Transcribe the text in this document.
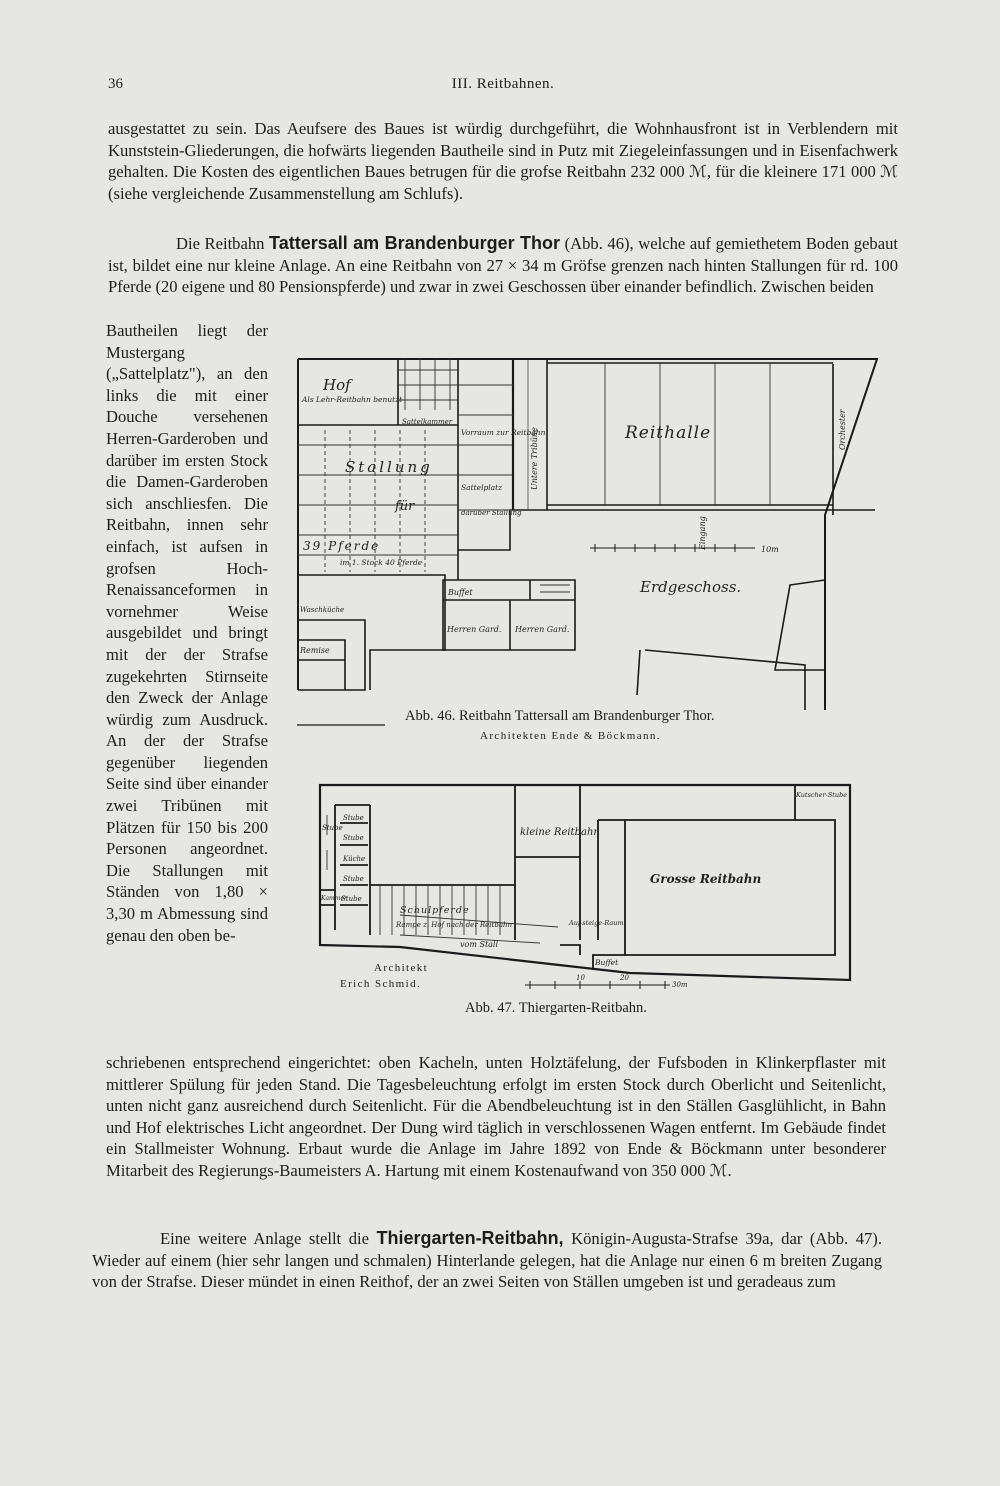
36	III. Reitbahnen.

ausgestattet zu sein. Das Aeufsere des Baues ist würdig durchgeführt, die Wohnhausfront ist in Verblendern mit Kunststein-Gliederungen, die hofwärts liegenden Bautheile sind in Putz mit Ziegeleinfassungen und in Eisenfachwerk gehalten. Die Kosten des eigentlichen Baues betrugen für die grofse Reitbahn 232 000 ℳ, für die kleinere 171 000 ℳ (siehe vergleichende Zusammenstellung am Schlufs).

Die Reitbahn Tattersall am Brandenburger Thor (Abb. 46), welche auf gemiethetem Boden gebaut ist, bildet eine nur kleine Anlage. An eine Reitbahn von 27 × 34 m Gröfse grenzen nach hinten Stallungen für rd. 100 Pferde (20 eigene und 80 Pensionspferde) und zwar in zwei Geschossen über einander befindlich. Zwischen beiden

Bautheilen liegt der Mustergang („Sattelplatz"), an den links die mit einer Douche versehenen Herren-Garderoben und darüber im ersten Stock die Damen-Garderoben sich anschliesfen. Die Reitbahn, innen sehr einfach, ist aufsen in grofsen Hoch-Renaissanceformen in vornehmer Weise ausgebildet und bringt mit der der Strafse zugekehrten Stirnseite den Zweck der Anlage würdig zum Ausdruck. An der der Strafse gegenüber liegenden Seite sind über einander zwei Tribünen mit Plätzen für 150 bis 200 Personen angeordnet. Die Stallungen mit Ständen von 1,80 × 3,30 m Abmessung sind genau den oben be-

Hof
Als Lehr-Reitbahn benutzt
Sattelkammer
Vorraum zur Reitbahn
Sattelplatz
darüber Stallung
Stallung
für
39 Pferde
im 1. Stock 40 Pferde
Untere Tribüne	Reithalle	Orchester
Eingang
Erdgeschoss.
Buffet
Herren Gard. Herren Gard.
Waschküche
Remise
10m
Abb. 46. Reitbahn Tattersall am Brandenburger Thor.
Architekten Ende & Böckmann.
kleine Reitbahn
Grosse Reitbahn
Schulpferde
Rampe z. Hof nach der Reitbahn
vom Stall
Kutscher-Stube
Buffet
Auf-steige-Raum
Stube
Stube
Stube
Küche
Stube
Kammer
Stube
10	20
30m
Architekt
Erich Schmid.
Abb. 47. Thiergarten-Reitbahn.

schriebenen entsprechend eingerichtet: oben Kacheln, unten Holztäfelung, der Fufsboden in Klinkerpflaster mit mittlerer Spülung für jeden Stand. Die Tagesbeleuchtung erfolgt im ersten Stock durch Oberlicht und Seitenlicht, unten nicht ganz ausreichend durch Seitenlicht. Für die Abendbeleuchtung ist in den Ställen Gasglühlicht, in Bahn und Hof elektrisches Licht angeordnet. Der Dung wird täglich in verschlossenen Wagen entfernt. Im Gebäude findet ein Stallmeister Wohnung. Erbaut wurde die Anlage im Jahre 1892 von Ende & Böckmann unter besonderer Mitarbeit des Regierungs-Baumeisters A. Hartung mit einem Kostenaufwand von 350 000 ℳ.

Eine weitere Anlage stellt die Thiergarten-Reitbahn, Königin-Augusta-Strafse 39a, dar (Abb. 47). Wieder auf einem (hier sehr langen und schmalen) Hinterlande gelegen, hat die Anlage nur einen 6 m breiten Zugang von der Strafse. Dieser mündet in einen Reithof, der an zwei Seiten von Ställen umgeben ist und geradeaus zum
